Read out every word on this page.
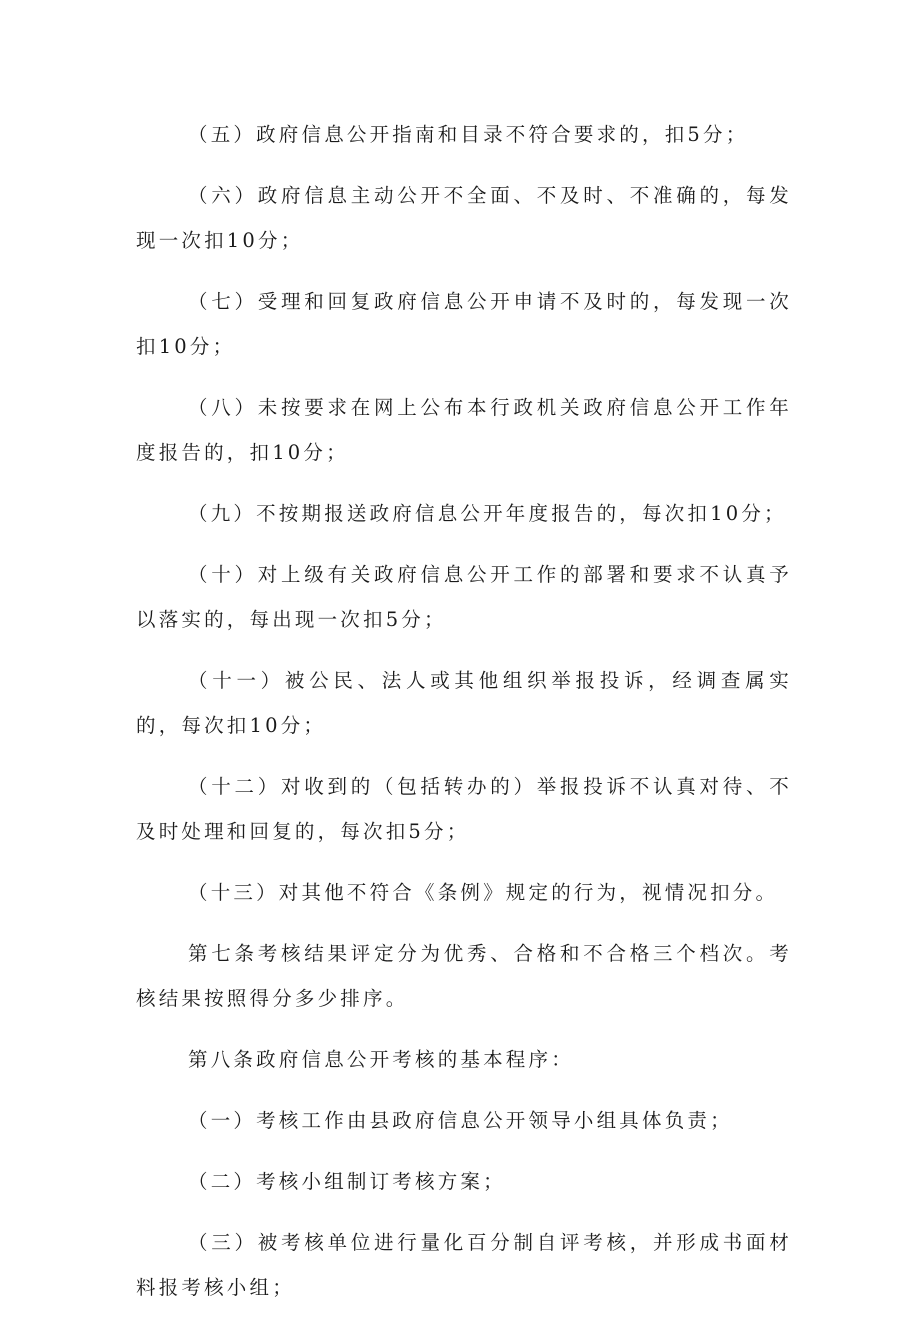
（五）政府信息公开指南和目录不符合要求的，扣5分；

（六）政府信息主动公开不全面、不及时、不准确的，每发现一次扣10分；

（七）受理和回复政府信息公开申请不及时的，每发现一次扣10分；

（八）未按要求在网上公布本行政机关政府信息公开工作年度报告的，扣10分；

（九）不按期报送政府信息公开年度报告的，每次扣10分；

（十）对上级有关政府信息公开工作的部署和要求不认真予以落实的，每出现一次扣5分；

（十一）被公民、法人或其他组织举报投诉，经调查属实的，每次扣10分；

（十二）对收到的（包括转办的）举报投诉不认真对待、不及时处理和回复的，每次扣5分；

（十三）对其他不符合《条例》规定的行为，视情况扣分。

第七条考核结果评定分为优秀、合格和不合格三个档次。考核结果按照得分多少排序。

第八条政府信息公开考核的基本程序：

（一）考核工作由县政府信息公开领导小组具体负责；

（二）考核小组制订考核方案；

（三）被考核单位进行量化百分制自评考核，并形成书面材料报考核小组；
